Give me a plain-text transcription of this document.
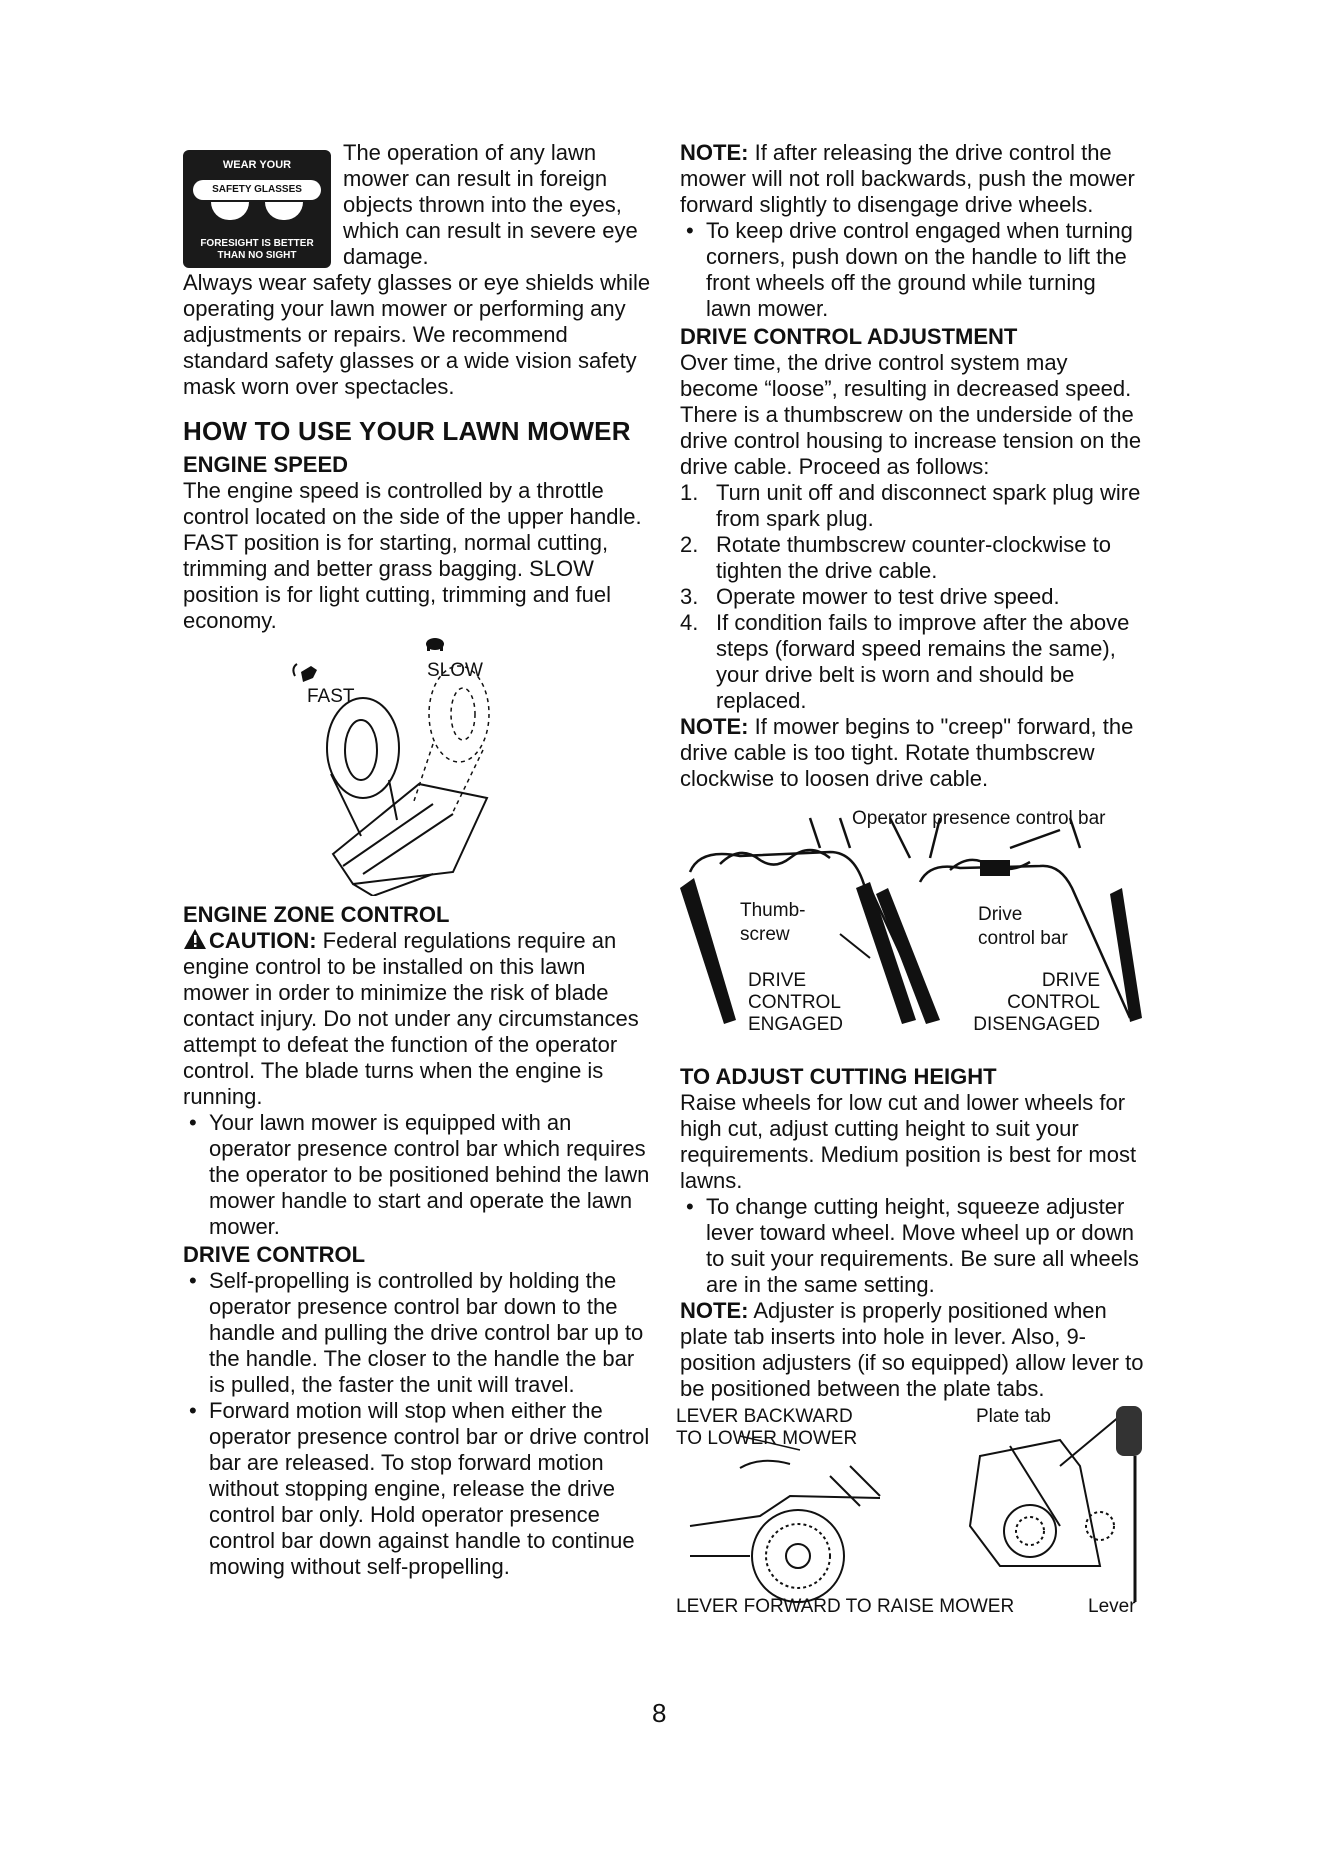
WEAR YOUR
SAFETY GLASSES
FORESIGHT IS BETTER
THAN NO SIGHT

The operation of any lawn mower can result in foreign objects thrown into the eyes, which can result in severe eye damage.

Always wear safety glasses or eye shields while operating your lawn mower or performing any adjustments or repairs. We recommend standard safety glasses or a wide vision safety mask worn over spectacles.

HOW TO USE YOUR LAWN MOWER
ENGINE SPEED

The engine speed is controlled by a throttle control located on the side of the upper handle. FAST position is for starting, normal cutting, trimming and better grass bagging. SLOW position is for light cutting, trimming and fuel economy.

SLOW
FAST
ENGINE ZONE CONTROL

CAUTION: Federal regulations require an engine control to be installed on this lawn mower in order to minimize the risk of blade contact injury. Do not under any circumstances attempt to defeat the function of the operator control. The blade turns when the engine is running.

• Your lawn mower is equipped with an operator presence control bar which requires the operator to be positioned behind the lawn mower handle to start and operate the lawn mower.

DRIVE CONTROL

• Self-propelling is controlled by holding the operator presence control bar down to the handle and pulling the drive control bar up to the handle. The closer to the handle the bar is pulled, the faster the unit will travel.

• Forward motion will stop when either the operator presence control bar or drive control bar are released. To stop forward motion without stopping engine, release the drive control bar only. Hold operator presence control bar down against handle to continue mowing without self-propelling.

NOTE: If after releasing the drive control the mower will not roll backwards, push the mower forward slightly to disengage drive wheels.

• To keep drive control engaged when turning corners, push down on the handle to lift the front wheels off the ground while turning lawn mower.

DRIVE CONTROL ADJUSTMENT

Over time, the drive control system may become “loose”, resulting in decreased speed. There is a thumbscrew on the underside of the drive control housing to increase tension on the drive cable. Proceed as follows:

1. Turn unit off and disconnect spark plug wire from spark plug.

2. Rotate thumbscrew counter-clockwise to tighten the drive cable.

3. Operate mower to test drive speed.

4. If condition fails to improve after the above steps (forward speed remains the same), your drive belt is worn and should be replaced.

NOTE: If mower begins to "creep" forward, the drive cable is too tight. Rotate thumbscrew clockwise to loosen drive cable.

Operator presence control bar
Thumb-
screw
Drive
control bar
DRIVE
CONTROL
ENGAGED
DRIVE
CONTROL
DISENGAGED
TO ADJUST CUTTING HEIGHT

Raise wheels for low cut and lower wheels for high cut, adjust cutting height to suit your requirements. Medium position is best for most lawns.

• To change cutting height, squeeze adjuster lever toward wheel. Move wheel up or down to suit your requirements. Be sure all wheels are in the same setting.

NOTE: Adjuster is properly positioned when plate tab inserts into hole in lever. Also, 9-position adjusters (if so equipped) allow lever to be positioned between the plate tabs.

LEVER BACKWARD
TO LOWER MOWER
Plate tab
LEVER FORWARD TO RAISE MOWER	Lever
8
